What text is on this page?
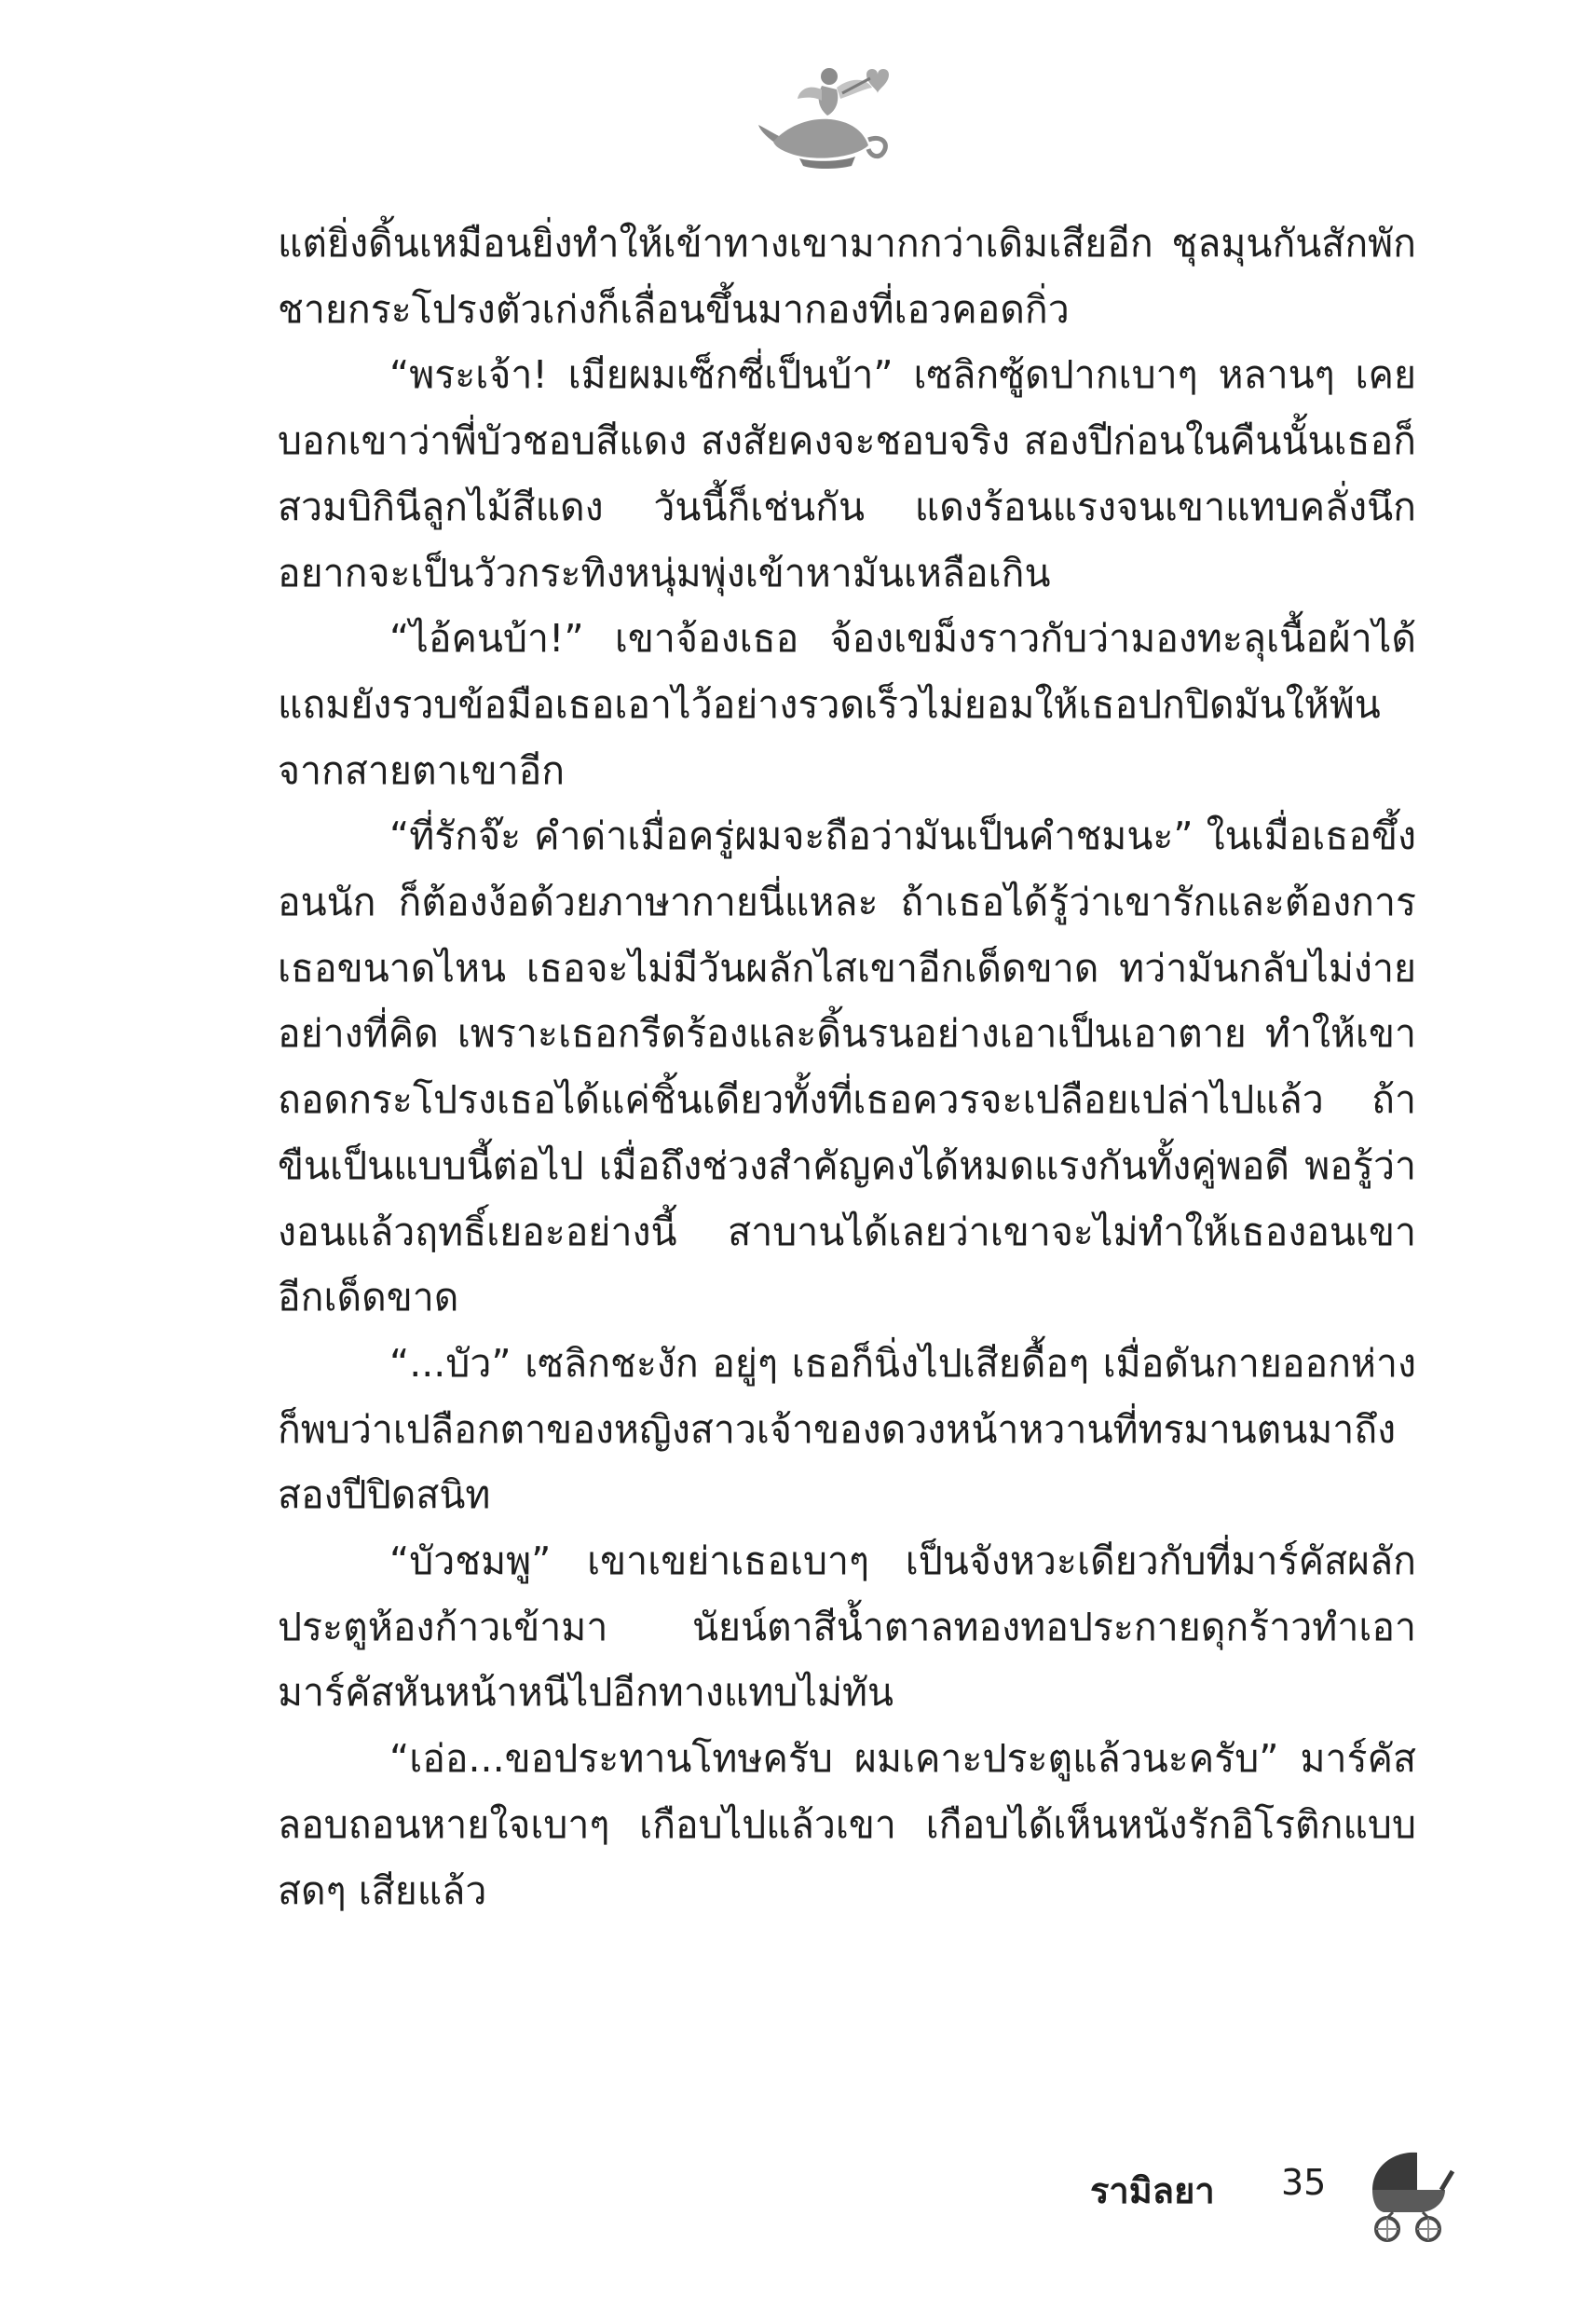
แต่ยิ่งดิ้นเหมือนยิ่งทำให้เข้าทางเขามากกว่าเดิมเสียอีก ชุลมุนกันสักพัก ชายกระโปรงตัวเก่งก็เลื่อนขึ้นมากองที่เอวคอดกิ่ว

“พระเจ้า! เมียผมเซ็กซี่เป็นบ้า” เซลิกซู้ดปากเบาๆ หลานๆ เคยบอกเขาว่าพี่บัวชอบสีแดง สงสัยคงจะชอบจริง สองปีก่อนในคืนนั้นเธอก็สวมบิกินีลูกไม้สีแดง วันนี้ก็เช่นกัน แดงร้อนแรงจนเขาแทบคลั่งนึกอยากจะเป็นวัวกระทิงหนุ่มพุ่งเข้าหามันเหลือเกิน

“ไอ้คนบ้า!” เขาจ้องเธอ จ้องเขม็งราวกับว่ามองทะลุเนื้อผ้าได้ แถมยังรวบข้อมือเธอเอาไว้อย่างรวดเร็วไม่ยอมให้เธอปกปิดมันให้พ้นจากสายตาเขาอีก

“ที่รักจ๊ะ คำด่าเมื่อครู่ผมจะถือว่ามันเป็นคำชมนะ” ในเมื่อเธอขึ้งอนนัก ก็ต้องง้อด้วยภาษากายนี่แหละ ถ้าเธอได้รู้ว่าเขารักและต้องการเธอขนาดไหน เธอจะไม่มีวันผลักไสเขาอีกเด็ดขาด ทว่ามันกลับไม่ง่ายอย่างที่คิด เพราะเธอกรีดร้องและดิ้นรนอย่างเอาเป็นเอาตาย ทำให้เขาถอดกระโปรงเธอได้แค่ชิ้นเดียวทั้งที่เธอควรจะเปลือยเปล่าไปแล้ว ถ้าขืนเป็นแบบนี้ต่อไป เมื่อถึงช่วงสำคัญคงได้หมดแรงกันทั้งคู่พอดี พอรู้ว่างอนแล้วฤทธิ์เยอะอย่างนี้ สาบานได้เลยว่าเขาจะไม่ทำให้เธองอนเขาอีกเด็ดขาด

“...บัว” เซลิกชะงัก อยู่ๆ เธอก็นิ่งไปเสียดื้อๆ เมื่อดันกายออกห่างก็พบว่าเปลือกตาของหญิงสาวเจ้าของดวงหน้าหวานที่ทรมานตนมาถึงสองปีปิดสนิท

“บัวชมพู” เขาเขย่าเธอเบาๆ เป็นจังหวะเดียวกับที่มาร์คัสผลักประตูห้องก้าวเข้ามา นัยน์ตาสีน้ำตาลทองทอประกายดุกร้าวทำเอามาร์คัสหันหน้าหนีไปอีกทางแทบไม่ทัน

“เอ่อ...ขอประทานโทษครับ ผมเคาะประตูแล้วนะครับ” มาร์คัสลอบถอนหายใจเบาๆ เกือบไปแล้วเขา เกือบได้เห็นหนังรักอิโรติกแบบสดๆ เสียแล้ว

รามิลยา 35
